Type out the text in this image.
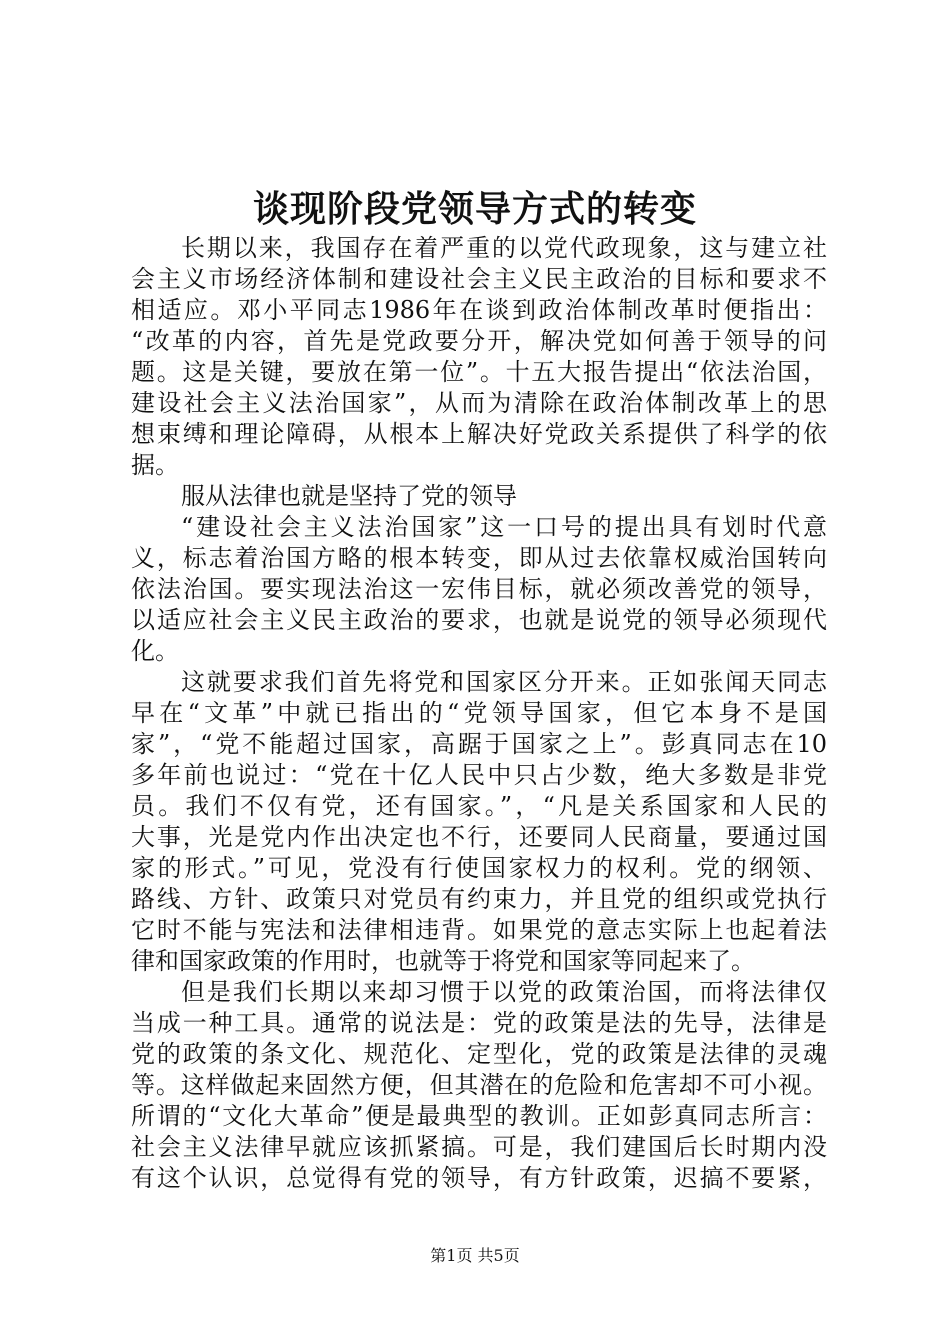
谈现阶段党领导方式的转变
长期以来，我国存在着严重的以党代政现象，这与建立社
会主义市场经济体制和建设社会主义民主政治的目标和要求不
相适应。邓小平同志1986年在谈到政治体制改革时便指出：
“改革的内容，首先是党政要分开，解决党如何善于领导的问
题。这是关键，要放在第一位”。十五大报告提出“依法治国，
建设社会主义法治国家”，从而为清除在政治体制改革上的思
想束缚和理论障碍，从根本上解决好党政关系提供了科学的依
据。
服从法律也就是坚持了党的领导
“建设社会主义法治国家”这一口号的提出具有划时代意
义，标志着治国方略的根本转变，即从过去依靠权威治国转向
依法治国。要实现法治这一宏伟目标，就必须改善党的领导，
以适应社会主义民主政治的要求，也就是说党的领导必须现代
化。
这就要求我们首先将党和国家区分开来。正如张闻天同志
早在“文革”中就已指出的“党领导国家，但它本身不是国
家”，“党不能超过国家，高踞于国家之上”。彭真同志在10
多年前也说过：“党在十亿人民中只占少数，绝大多数是非党
员。我们不仅有党，还有国家。”，“凡是关系国家和人民的
大事，光是党内作出决定也不行，还要同人民商量，要通过国
家的形式。”可见，党没有行使国家权力的权利。党的纲领、
路线、方针、政策只对党员有约束力，并且党的组织或党执行
它时不能与宪法和法律相违背。如果党的意志实际上也起着法
律和国家政策的作用时，也就等于将党和国家等同起来了。
但是我们长期以来却习惯于以党的政策治国，而将法律仅
当成一种工具。通常的说法是：党的政策是法的先导，法律是
党的政策的条文化、规范化、定型化，党的政策是法律的灵魂
等。这样做起来固然方便，但其潜在的危险和危害却不可小视。
所谓的“文化大革命”便是最典型的教训。正如彭真同志所言：
社会主义法律早就应该抓紧搞。可是，我们建国后长时期内没
有这个认识，总觉得有党的领导，有方针政策，迟搞不要紧，
第1页 共5页
